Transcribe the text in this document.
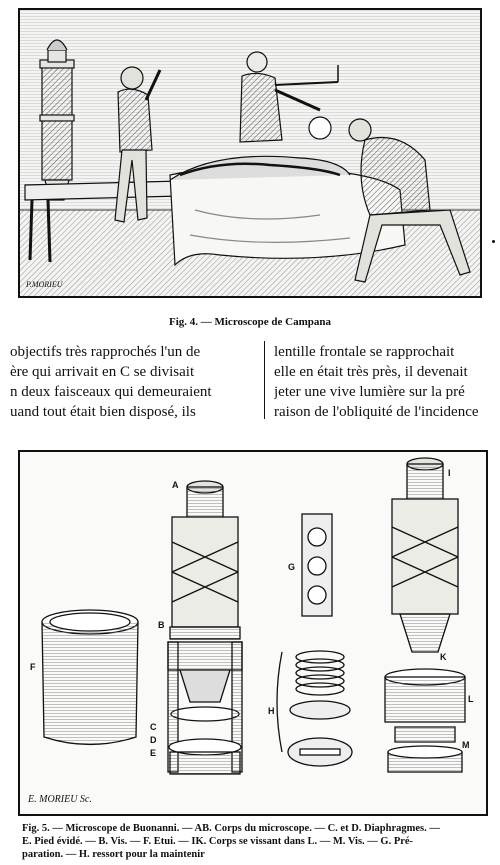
P.MORIEU
Fig. 4. — Microscope de Campana
objectifs très rapprochés l'un de
ère qui arrivait en C se divisait
n deux faisceaux qui demeuraient
uand tout était bien disposé, ils
lentille frontale se rapprochait
elle en était très près, il devenait
jeter une vive lumière sur la pré
raison de l'obliquité de l'incidence
A
B
C
D
E
F
G
H
I
K
L
M
E. MORIEU Sc.
Fig. 5. — Microscope de Buonanni. — AB. Corps du microscope. — C. et D. Diaphragmes. —
E. Pied évidé. — B. Vis. — F. Etui. — IK. Corps se vissant dans L. — M. Vis. — G. Pré-
paration. — H. ressort pour la maintenir
